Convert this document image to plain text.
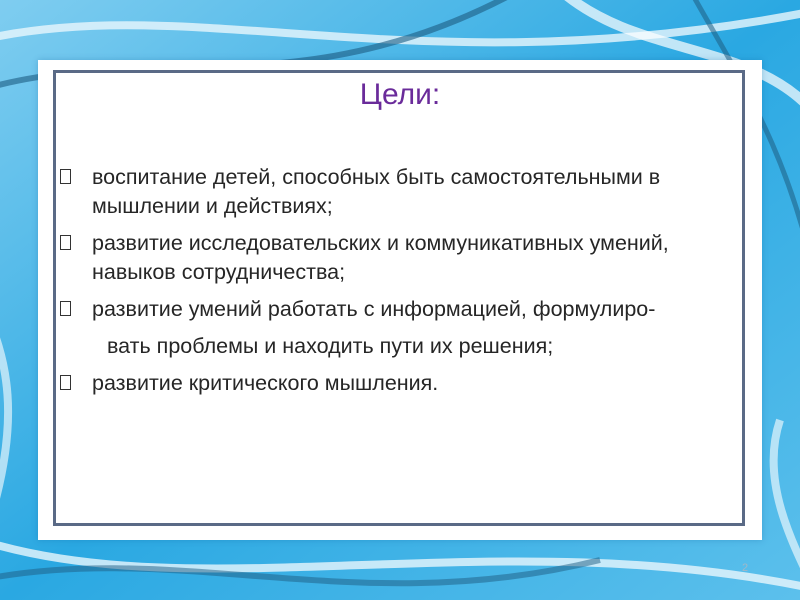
Цели:
воспитание детей, способных быть самостоятельными в мышлении и действиях;
развитие исследовательских и коммуникативных умений, навыков сотрудничества;
развитие умений работать с информацией, формулиро-
вать проблемы и находить пути их решения;
развитие критического мышления.
2
